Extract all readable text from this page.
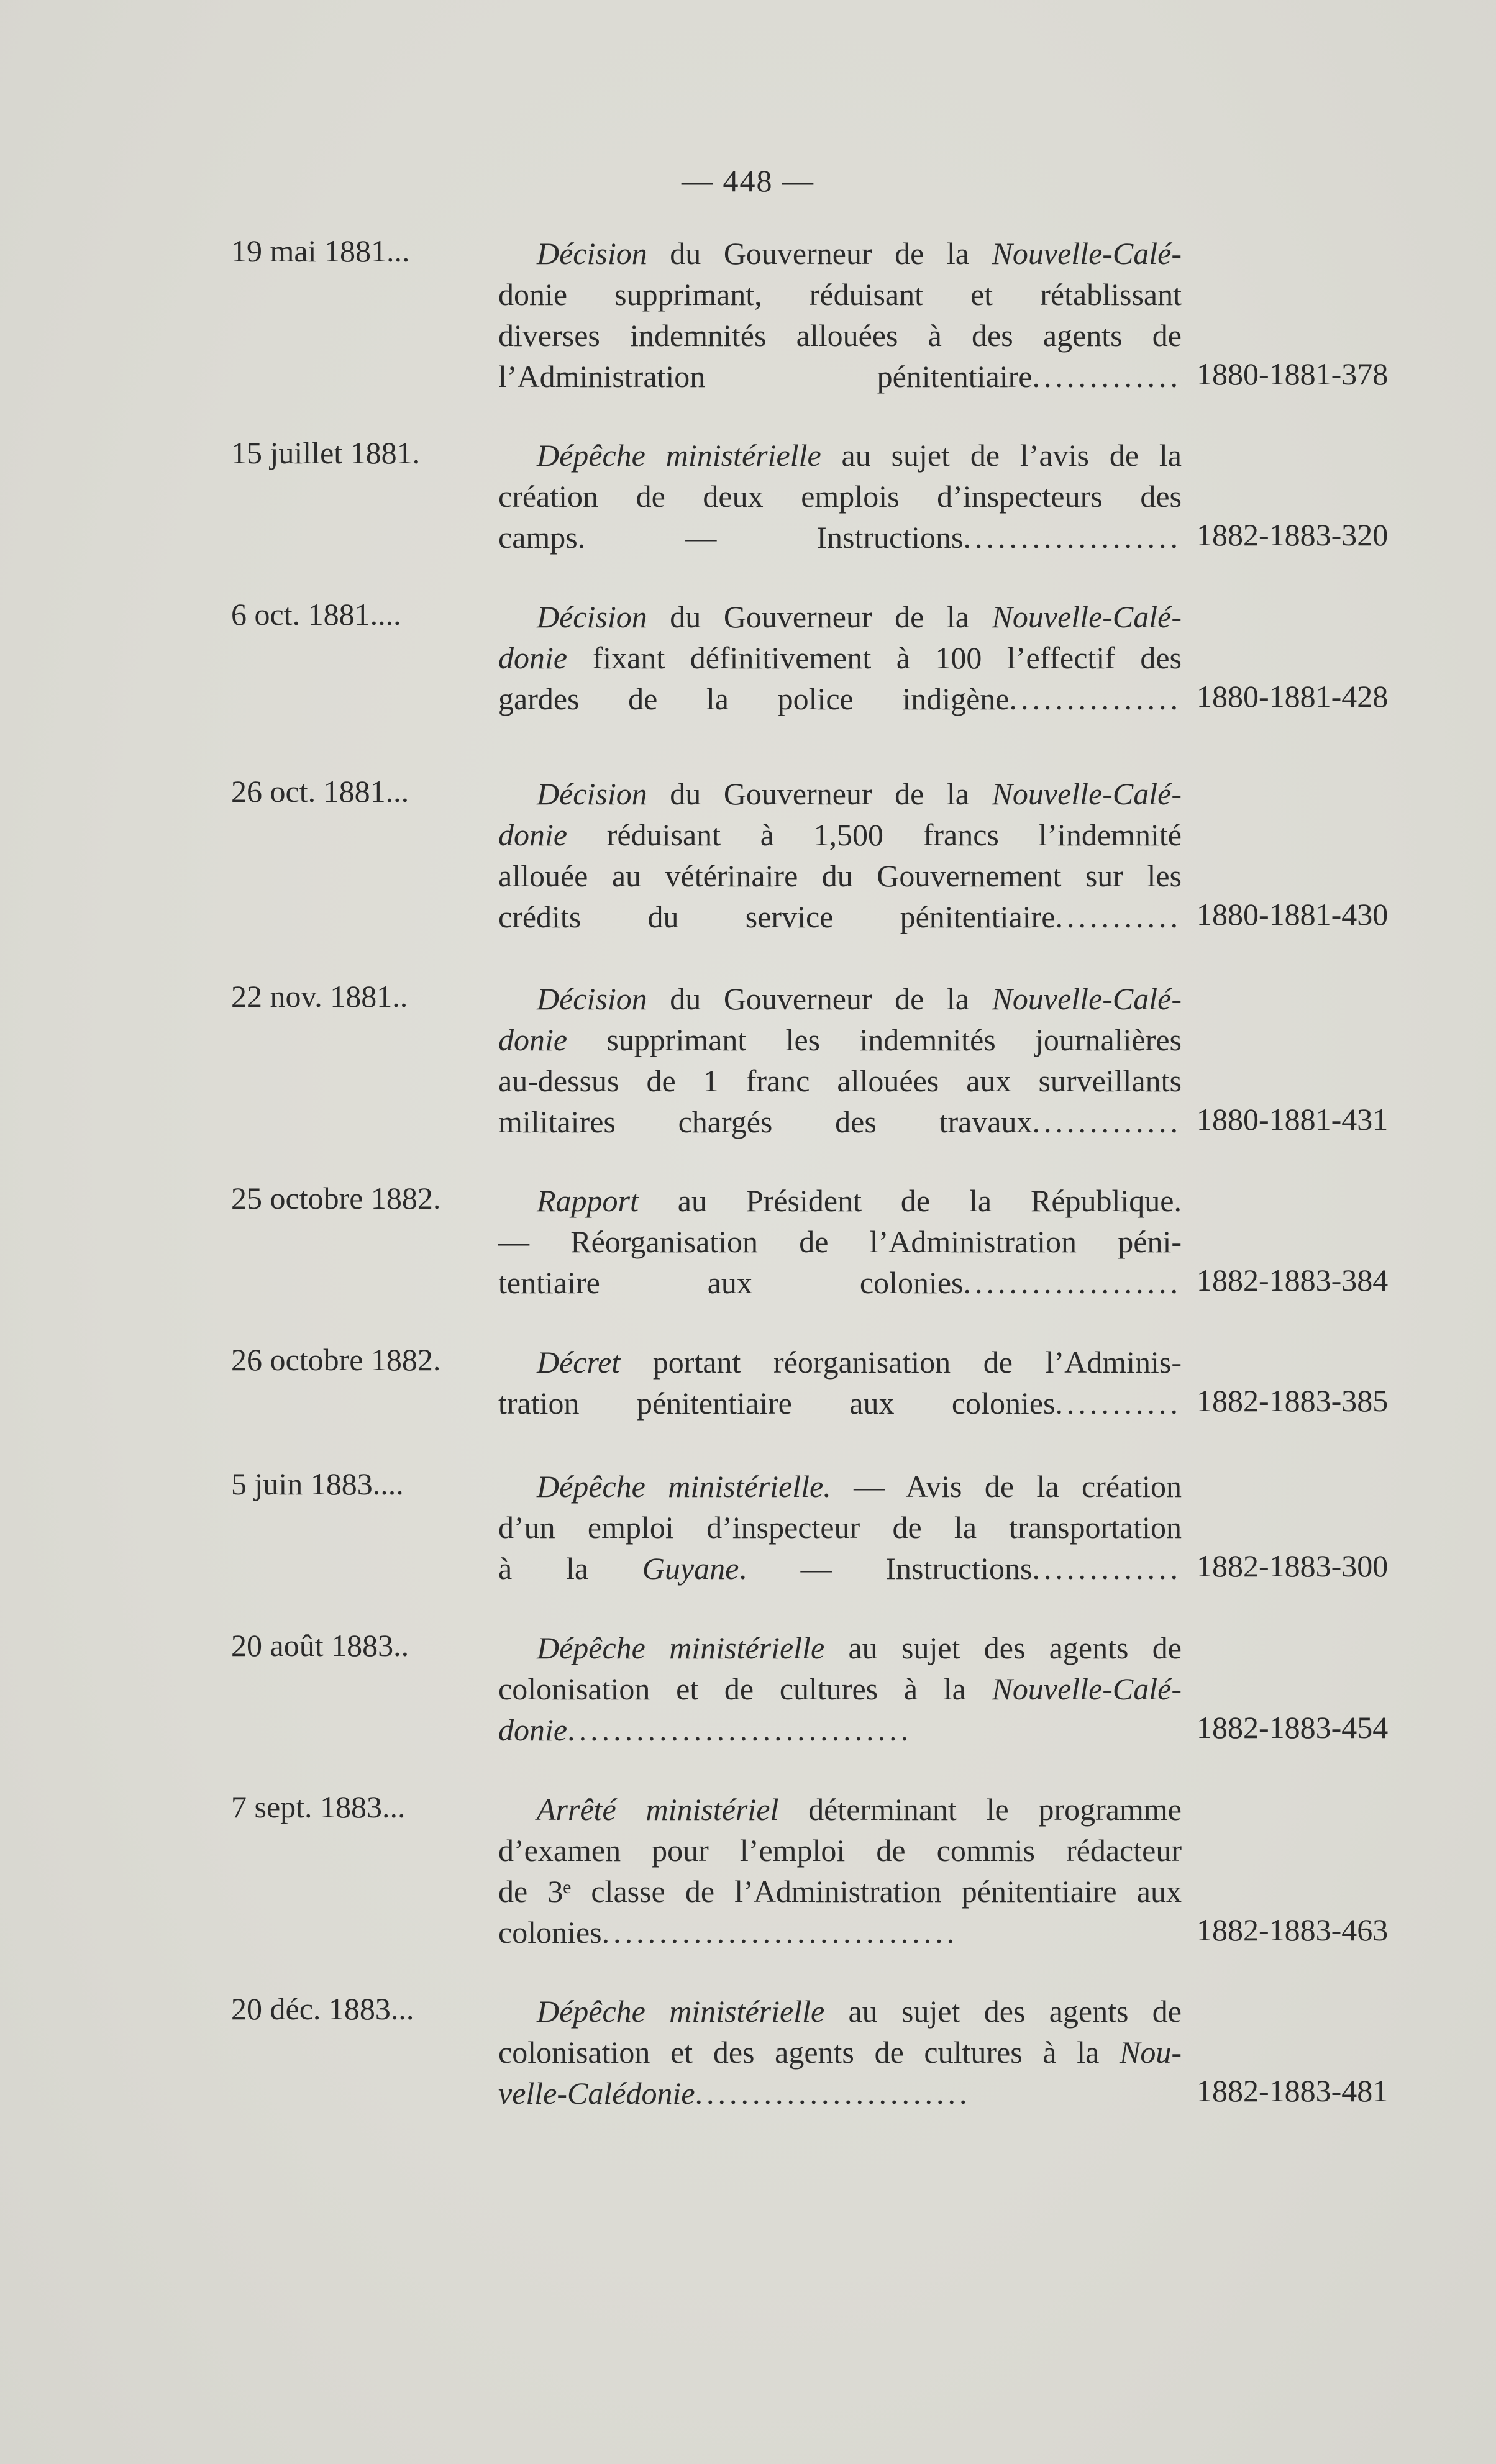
— 448 —
19 mai 1881...	Décision du Gouverneur de la Nouvelle-Calé-
donie supprimant, réduisant et rétablissant
diverses indemnités allouées à des agents de
l’Administration pénitentiaire............. 1880-1881-378
15 juillet 1881.	Dépêche ministérielle au sujet de l’avis de la
création de deux emplois d’inspecteurs des
camps. — Instructions................... 1882-1883-320
6 oct. 1881....	Décision du Gouverneur de la Nouvelle-Calé-
donie fixant définitivement à 100 l’effectif des
gardes de la police indigène............... 1880-1881-428
26 oct. 1881...	Décision du Gouverneur de la Nouvelle-Calé-
donie réduisant à 1,500 francs l’indemnité
allouée au vétérinaire du Gouvernement sur les
crédits du service pénitentiaire........... 1880-1881-430
22 nov. 1881..	Décision du Gouverneur de la Nouvelle-Calé-
donie supprimant les indemnités journalières
au-dessus de 1 franc allouées aux surveillants
militaires chargés des travaux............. 1880-1881-431
25 octobre 1882.	Rapport au Président de la République.
— Réorganisation de l’Administration péni-
tentiaire aux colonies................... 1882-1883-384
26 octobre 1882.	Décret portant réorganisation de l’Adminis-
tration pénitentiaire aux colonies........... 1882-1883-385
5 juin 1883....	Dépêche ministérielle. — Avis de la création
d’un emploi d’inspecteur de la transportation
à la Guyane. — Instructions............. 1882-1883-300
20 août 1883..	Dépêche ministérielle au sujet des agents de
colonisation et de cultures à la Nouvelle-Calé-
donie..............................	1882-1883-454
7 sept. 1883...	Arrêté ministériel déterminant le programme
d’examen pour l’emploi de commis rédacteur
de 3ᵉ classe de l’Administration pénitentiaire aux
colonies...............................	1882-1883-463
20 déc. 1883...	Dépêche ministérielle au sujet des agents de
colonisation et des agents de cultures à la Nou-
velle-Calédonie........................	1882-1883-481
